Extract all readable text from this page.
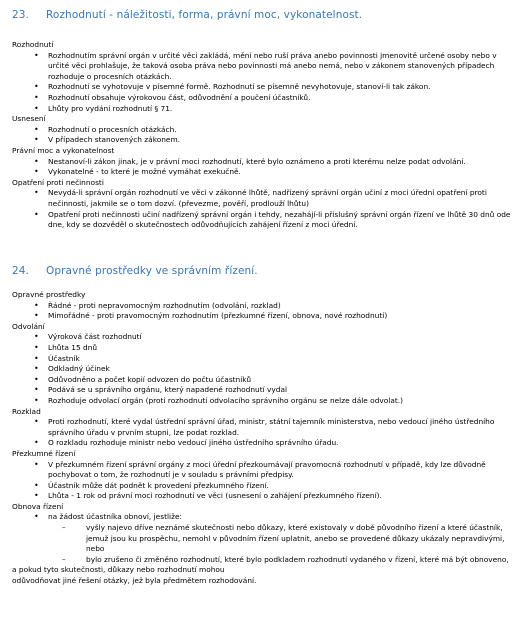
23. Rozhodnutí - náležitosti, forma, právní moc, vykonatelnost.

Rozhodnutí

• Rozhodnutím správní orgán v určité věci zakládá, mění nebo ruší práva anebo povinnosti jmenovitě určené osoby nebo v určité věci prohlašuje, že taková osoba práva nebo povinnosti má anebo nemá, nebo v zákonem stanovených případech rozhoduje o procesních otázkách.
• Rozhodnutí se vyhotovuje v písemné formě. Rozhodnutí se písemně nevyhotovuje, stanoví-li tak zákon.
• Rozhodnutí obsahuje výrokovou část, odůvodnění a poučení účastníků.
• Lhůty pro vydání rozhodnutí § 71.

Usnesení

• Rozhodnutí o procesních otázkách.
• V případech stanovených zákonem.

Právní moc a vykonatelnost

• Nestanoví-li zákon jinak, je v právní moci rozhodnutí, které bylo oznámeno a proti kterému nelze podat odvolání.
• Vykonatelné - to které je možné vymáhat exekučně.

Opatření proti nečinnosti

• Nevydá-li správní orgán rozhodnutí ve věci v zákonné lhůtě, nadřízený správní orgán učiní z moci úřední opatření proti nečinnosti, jakmile se o tom dozví. (převezme, pověří, prodlouží lhůtu)
• Opatření proti nečinnosti učiní nadřízený správní orgán i tehdy, nezahájí-li příslušný správní orgán řízení ve lhůtě 30 dnů ode dne, kdy se dozvěděl o skutečnostech odůvodňujících zahájení řízení z moci úřední.
24. Opravné prostředky ve správním řízení.

Opravné prostředky

• Řádné - proti nepravomocným rozhodnutím (odvolání, rozklad)
• Mimořádné - proti pravomocným rozhodnutím (přezkumné řízení, obnova, nové rozhodnutí)

Odvolání

• Výroková část rozhodnutí
• Lhůta 15 dnů
• Účastník
• Odkladný účinek
• Odůvodněno a počet kopií odvozen do počtu účastníků
• Podává se u správního orgánu, který napadené rozhodnutí vydal
• Rozhoduje odvolací orgán (proti rozhodnutí odvolacího správního orgánu se nelze dále odvolat.)

Rozklad

• Proti rozhodnutí, které vydal ústřední správní úřad, ministr, státní tajemník ministerstva, nebo vedoucí jiného ústředního správního úřadu v prvním stupni, lze podat rozklad.
• O rozkladu rozhoduje ministr nebo vedoucí jiného ústředního správního úřadu.

Přezkumné řízení

• V přezkumném řízení správní orgány z moci úřední přezkoumávají pravomocná rozhodnutí v případě, kdy lze důvodně pochybovat o tom, že rozhodnutí je v souladu s právními předpisy.
• Účastník může dát podnět k provedení přezkumného řízení.
• Lhůta - 1 rok od právní moci rozhodnutí ve věci (usnesení o zahájení přezkumného řízení).

Obnova řízení

• na žádost účastníka obnoví, jestliže:
– vyšly najevo dříve neznámé skutečnosti nebo důkazy, které existovaly v době původního řízení a které účastník, jemuž jsou ku prospěchu, nemohl v původním řízení uplatnit, anebo se provedené důkazy ukázaly nepravdivými, nebo
– bylo zrušeno či změněno rozhodnutí, které bylo podkladem rozhodnutí vydaného v řízení, které má být obnoveno,

a pokud tyto skutečnosti, důkazy nebo rozhodnutí mohou odůvodňovat jiné řešení otázky, jež byla předmětem rozhodování.
